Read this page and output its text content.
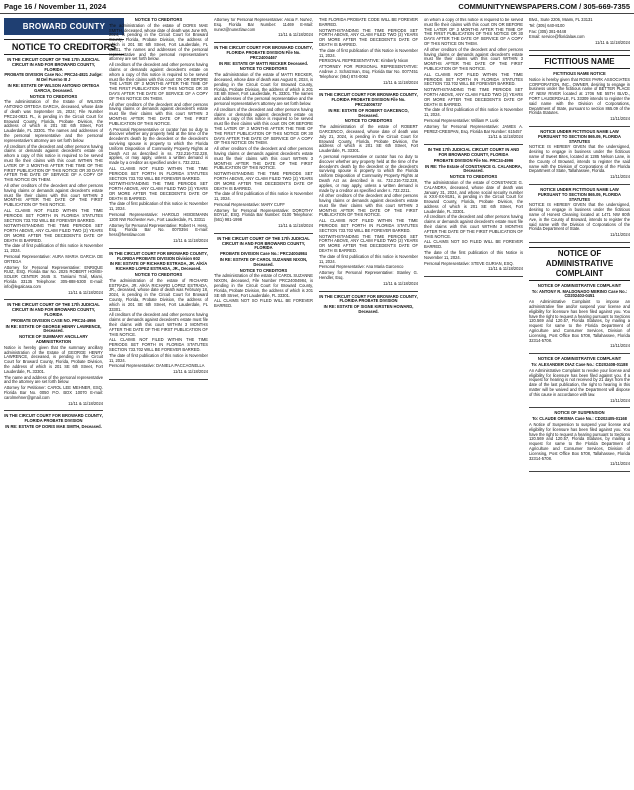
Page 16 / November 11, 2024	COMMUNITYNEWSPAPERS.COM / 305-669-7355
BROWARD COUNTY
NOTICE TO CREDITORS

IN THE CIRCUIT COURT OF THE 17th JUDICIAL CIRCUIT IN AND FOR BROWARD COUNTY, FLORIDA

PROBATE DIVISION Case No.: PRC24-4821 Judge: M Del Fuerno III J

IN RE: ESTATE OF WILSON ANTONIO ORTEGA GARCIA, Deceased.

NOTICE TO CREDITORS

The administration of the Estate of WILSON ANTONIO ORTEGA GARCIA, deceased, whose date of death was September 15, 2024; File Number PRC24-0821 FL, is pending in the Circuit Court for Broward County, Florida, Probate Division, the address of which is 201 SE 6th Street, Fort Lauderdale, FL 33301. The names and addresses of the personal representative and the personal representative's attorney are set forth below.

All creditors of the decedent and other persons having claims or demands against decedent's estate on whom a copy of this notice is required to be served must file their claims with this court WITHIN THE LATER OF 3 MONTHS AFTER THE TIME OF THE FIRST PUBLICATION OF THIS NOTICE OR 30 DAYS AFTER THE DATE OF SERVICE OF A COPY OF THIS NOTICE ON THEM.

All other creditors of the decedent and other persons having claims or demands against decedent's estate must file their claims with this court WITHIN 3 MONTHS AFTER THE DATE OF THE FIRST PUBLICATION OF THIS NOTICE.

ALL CLAIMS NOT FILED WITHIN THE TIME PERIODS SET FORTH IN FLORIDA STATUTES SECTION 733.702 WILL BE FOREVER BARRED.

NOTWITHSTANDING THE TIME PERIODS SET FORTH ABOVE, ANY CLAIM FILED TWO (2) YEARS OR MORE AFTER THE DECEDENT'S DATE OF DEATH IS BARRED.

The date of first publication of this notice is November 11, 2024.

Personal Representative: AURA MARIA GARCIA DE ORTEGA

Attorney for Personal Representative: ENRIQUE RUIZ, ESQ. Florida Bar No. 2025 ROBERT HOMSI-SOLER CENTER 2645 S. Tamiami Trail, Miami, Florida 33135 Telephone: 305-888-5300 E-mail: info@legalcasa.com

11/11 & 11/18/2024

IN THE CIRCUIT COURT OF THE 17th JUDICIAL CIRCUIT IN AND FOR BROWARD COUNTY, FLORIDA

PROBATE DIVISION CASE NO. PRC24-4956

IN RE: ESTATE OF GEORGE HENRY LAWRENCE, Deceased.

NOTICE OF SUMMARY ANCILLARY ADMINISTRATION

Notice is hereby given that the summary ancillary administration of the Estate of GEORGE HENRY LAWRENCE, deceased, is pending in the Circuit Court for Broward County, Florida, Probate Division, the address of which is 201 SE 6th Street, Fort Lauderdale, FL 33301.

The name and address of the personal representative and the attorney are set forth below.

Attorney for Petitioner: CAROL LEE MEHNER, ESQ. Florida Bar No. 0050 P.O. BOX 10070 E-mail: carolmehner@gmail.com

11/11 & 11/18/2024

IN THE CIRCUIT COURT FOR BROWARD COUNTY, FLORIDA PROBATE DIVISION

IN RE: ESTATE OF DORIS MAE SMITH, Deceased.

NOTICE TO CREDITORS

The administration of the estate of DORIS MAE SMITH, deceased, whose date of death was June 9th, 2024, is pending in the Circuit Court for Broward County, Florida, Probate Division, the address of which is 201 SE 6th Street, Fort Lauderdale, FL 33301. The names and addresses of the personal representative and the personal representative's attorney are set forth below.

All creditors of the decedent and other persons having claims or demands against decedent's estate on whom a copy of this notice is required to be served must file their claims with this court ON OR BEFORE THE LATER OF 3 MONTHS AFTER THE TIME OF THE FIRST PUBLICATION OF THIS NOTICE OR 30 DAYS AFTER THE DATE OF SERVICE OF A COPY OF THIS NOTICE ON THEM.

All other creditors of the decedent and other persons having claims or demands against decedent's estate must file their claims with this court WITHIN 3 MONTHS AFTER THE DATE OF THE FIRST PUBLICATION OF THIS NOTICE.

A Personal Representative or curator has no duty to discover whether any property held at the time of the decedent's death by the decedent or the decedent's surviving spouse is property to which the Florida Uniform Disposition of Community Property Rights at Death Act as described in ss. 732.216-732.228, applies, or may apply, unless a written demand is made by a creditor as specified under s. 732.2211.

ALL CLAIMS NOT FILED WITHIN THE TIME PERIODS SET FORTH IN FLORIDA STATUTES SECTION 733.702 WILL BE FOREVER BARRED.

NOTWITHSTANDING THE TIME PERIODS SET FORTH ABOVE, ANY CLAIM FILED TWO (2) YEARS OR MORE AFTER THE DECEDENT'S DATE OF DEATH IS BARRED.

The date of first publication of this notice is: November 11, 2024.

Personal Representative: HAROLD HEIDEMANN 1200 NW Rochester Ave., Fort Lauderdale, FL 33311

Attorney for Personal Representative: Robert H. Hess, Esq. Florida Bar No. 0070394 E-mail: hess@hesslaw.com

11/11 & 11/18/2024

IN THE CIRCUIT COURT FOR BROWARD COUNTY, FLORIDA PROBATE DIVISION Division 602

IN RE: ESTATE OF RICHARD ESTRADA, JR. A/K/A RICHARD LOPEZ ESTRADA, JR., Deceased.

NOTICE TO CREDITORS

The administration of the estate of RICHARD ESTRADA, JR. A/K/A RICHARD LOPEZ ESTRADA, JR., deceased, whose date of death was February 18, 2024, is pending in the Circuit Court for Broward County, Florida, Probate Division, the address of which is 201 SE 6th Street, Fort Lauderdale, FL 33301.

All creditors of the decedent and other persons having claims or demands against decedent's estate must file their claims with this court WITHIN 3 MONTHS AFTER THE DATE OF THE FIRST PUBLICATION OF THIS NOTICE.

ALL CLAIMS NOT FILED WITHIN THE TIME PERIODS SET FORTH IN FLORIDA STATUTES SECTION 733.702 WILL BE FOREVER BARRED.

The date of first publication of this notice is November 11, 2024.

Personal Representative: DANIELA PACCAGNELLA

11/11 & 11/18/2024

Attorney for Personal Representative: Alicia F. Nuñez, Esq. Florida Bar Number: 11469 E-Mail: nunez@nunezlaw.com

11/11 & 11/18/2024

IN THE CIRCUIT COURT FOR BROWARD COUNTY, FLORIDA PROBATE DIVISION File No. PRC24004467

IN RE: ESTATE OF MATTI RECKER Deceased.

NOTICE TO CREDITORS

The administration of the estate of MATTI RECKER, deceased, whose date of death was August 8, 2024, is pending in the Circuit Court for Broward County, Florida, Probate Division, the address of which is 201 SE 6th Street, Fort Lauderdale, FL 33301. The names and addresses of the personal representative and the personal representative's attorney are set forth below.

All creditors of the decedent and other persons having claims or demands against decedent's estate on whom a copy of this notice is required to be served must file their claims with this court ON OR BEFORE THE LATER OF 3 MONTHS AFTER THE TIME OF THE FIRST PUBLICATION OF THIS NOTICE OR 30 DAYS AFTER THE DATE OF SERVICE OF A COPY OF THIS NOTICE ON THEM.

All other creditors of the decedent and other persons having claims or demands against decedent's estate must file their claims with this court WITHIN 3 MONTHS AFTER THE DATE OF THE FIRST PUBLICATION OF THIS NOTICE.

NOTWITHSTANDING THE TIME PERIODS SET FORTH ABOVE, ANY CLAIM FILED TWO (2) YEARS OR MORE AFTER THE DECEDENT'S DATE OF DEATH IS BARRED.

The date of first publication of this notice is November 11, 2024.

Personal Representative: MARY CUFF

Attorney for Personal Representative: DOROTHY BOYLE, ESQ. Florida Bar Number: 0100 Telephone: (561) 981-1998

11/11 & 11/18/2024

IN THE CIRCUIT COURT OF THE 17th JUDICIAL CIRCUIT IN AND FOR BROWARD COUNTY, FLORIDA

PROBATE DIVISION Case No.: PRC24004984

IN RE: ESTATE OF CAROL SUZANNE NIXON, Deceased.

NOTICE TO CREDITORS

The administration of the estate of CAROL SUZANNE NIXON, deceased, File Number PRC24004984, is pending in the Circuit Court for Broward County, Florida, Probate Division, the address of which is 201 SE 6th Street, Fort Lauderdale, FL 33301.

ALL CLAIMS NOT SO FILED WILL BE FOREVER BARRED.

THE FLORIDA PROBATE CODE WILL BE FOREVER BARRED.

NOTWITHSTANDING THE TIME PERIODS SET FORTH ABOVE, ANY CLAIM FILED TWO (2) YEARS OR MORE AFTER THE DECEDENT'S DATE OF DEATH IS BARRED.

The date of first publication of this Notice is November 11, 2024.

PERSONAL REPRESENTATIVE: Kimberly Nixon

ATTORNEY FOR PERSONAL REPRESENTATIVE: Andrew J. Schatzman, Esq. Florida Bar No. 0077451 Telephone: (954) 874-0062

11/11 & 11/18/2024

IN THE CIRCUIT COURT FOR BROWARD COUNTY, FLORIDA PROBATE DIVISION File No. PRC24006737

IN RE: ESTATE OF ROBERT GARCENCO, Deceased.

NOTICE TO CREDITORS

The administration of the estate of ROBERT GARCENCO, deceased, whose date of death was July 21, 2024, is pending in the Circuit Court for Broward County, Florida, Probate Division, the address of which is 201 SE 6th Street, Fort Lauderdale, FL 33301.

A personal representative or curator has no duty to discover whether any property held at the time of the decedent's death by the decedent or the decedent's surviving spouse is property to which the Florida Uniform Disposition of Community Property Rights at Death Act as described in ss. 732.216-732.228, applies, or may apply, unless a written demand is made by a creditor as specified under s. 732.2211.

All other creditors of the decedent and other persons having claims or demands against decedent's estate must file their claims with this court WITHIN 3 MONTHS AFTER THE DATE OF THE FIRST PUBLICATION OF THIS NOTICE.

ALL CLAIMS NOT FILED WITHIN THE TIME PERIODS SET FORTH IN FLORIDA STATUTES SECTION 733.702 WILL BE FOREVER BARRED.

NOTWITHSTANDING THE TIME PERIODS SET FORTH ABOVE, ANY CLAIM FILED TWO (2) YEARS OR MORE AFTER THE DECEDENT'S DATE OF DEATH IS BARRED.

The date of first publication of this notice is November 11, 2024.

Personal Representative: Ana Maria Garcenco

Attorney for Personal Representative: Stanley G. Hendler, Esq.

11/11 & 11/18/2024

IN THE CIRCUIT COURT FOR BROWARD COUNTY, FLORIDA PROBATE DIVISION

IN RE: ESTATE OF SIGNE KIRSTEN HOWARD, Deceased.

on whom a copy of this notice is required to be served must file their claims with this court ON OR BEFORE THE LATER OF 3 MONTHS AFTER THE TIME OF THE FIRST PUBLICATION OF THIS NOTICE OR 30 DAYS AFTER THE DATE OF SERVICE OF A COPY OF THIS NOTICE ON THEM.

All other creditors of the decedent and other persons having claims or demands against decedent's estate must file their claims with this court WITHIN 3 MONTHS AFTER THE DATE OF THE FIRST PUBLICATION OF THIS NOTICE.

ALL CLAIMS NOT FILED WITHIN THE TIME PERIODS SET FORTH IN FLORIDA STATUTES SECTION 733.702 WILL BE FOREVER BARRED.

NOTWITHSTANDING THE TIME PERIODS SET FORTH ABOVE, ANY CLAIM FILED TWO (2) YEARS OR MORE AFTER THE DECEDENT'S DATE OF DEATH IS BARRED.

The date of first publication of this notice is November 11, 2024.

Personal Representative: William P. Lusk

Attorney for Personal Representative: JAMES A. PEREZ-CRESPAN, Esq. Florida Bar Number: 615457

11/11 & 11/18/2024

IN THE 17th JUDICIAL CIRCUIT COURT IN AND FOR BROWARD COUNTY, FLORIDA

PROBATE DIVISION File No. PRC24-4996

IN RE: The Estate of CONSTANCE G. CALANDRA, Deceased.

NOTICE TO CREDITORS

The administration of the estate of CONSTANCE G. CALANDRA, deceased, whose date of death was January 31, 2024, and whose social security number is XXX-XX-8191, is pending in the Circuit Court for Broward County, Florida, Probate Division, the address of which is 201 SE 6th Street, Fort Lauderdale, FL 33301.

All creditors of the decedent and other persons having claims or demands against decedent's estate must file their claims with this court WITHIN 3 MONTHS AFTER THE DATE OF THE FIRST PUBLICATION OF THIS NOTICE.

ALL CLAIMS NOT SO FILED WILL BE FOREVER BARRED.

The date of the first publication of this Notice is November 11, 2024.

Personal Representative: STEVE GURIAN, ESQ.

11/11 & 11/18/2024

Blvd., Suite 2206, Miami, FL 33131

Tel: (305) 640-8100

Fax: (305) 381-8448

Email: service@floridalaw.com

11/11 & 11/18/2024

FICTITIOUS NAME

FICTITIOUS NAME NOTICE

Notice is hereby given that ROSS PARK ASSOCIATES CORPORATION, INC., OWNER, desiring to engage in business under the fictitious name of BETTER PLACE AT NEW RIVER located at 1706 NE 55TH BLVD., FORT LAUDERDALE, FL 33309 intends to register the said name with the Division of Corporations, Department of State, pursuant to section 865.09 of the Florida Statutes.

11/11/2024

NOTICE UNDER FICTITIOUS NAME LAW PURSUANT TO SECTION 865.09, FLORIDA STATUTES

NOTICE IS HEREBY GIVEN that the undersigned, desiring to engage in business under the fictitious name of Sweet Bites, located at 1285 Nelson Lane, in the County of Broward, intends to register the said name with the Division of Corporations of the Florida Department of State, Tallahassee, Florida.

11/11/2024

NOTICE UNDER FICTITIOUS NAME LAW PURSUANT TO SECTION 865.09, FLORIDA STATUTES

NOTICE IS HEREBY GIVEN that the undersigned, desiring to engage in business under the fictitious name of Honest Cleaning located at 1471 NW 80th Ave, in the County of Broward, intends to register the said name with the Division of Corporations of the Florida Department of State.

11/11/2024

NOTICE OF ADMINISTRATIVE COMPLAINT

NOTICE OF ADMINISTRATIVE COMPLAINT

To: ANTONY R. MALDONADO MERINO Case No.: CD202403-0451

An Administrative Complaint to impose an administrative fine and/or suspend your license and eligibility for licensure has been filed against you. You have the right to request a hearing pursuant to Sections 120.569 and 120.57, Florida Statutes, by mailing a request for same to the Florida Department of Agriculture and Consumer Services, Division of Licensing, Post Office Box 5708, Tallahassee, Florida 32314-5708.

11/11/2024

NOTICE OF ADMINISTRATIVE COMPLAINT

To: ALEXANDER DIAZ Case No.: CD202408-01188

An Administrative Complaint to revoke your license and eligibility for licensure has been filed against you. If a request for hearing is not received by 21 days from the date of the last publication, the right to hearing in this matter will be waived and the Department will dispose of this cause in accordance with law.

11/11/2024

NOTICE OF SUSPENSION

To: CLAUDE ORISMA Case No.: CD202405-01168

A Notice of Suspension to suspend your license and eligibility for licensure has been filed against you. You have the right to request a hearing pursuant to Sections 120.569 and 120.57, Florida Statutes, by mailing a request for same to the Florida Department of Agriculture and Consumer Services, Division of Licensing, Post Office Box 5708, Tallahassee, Florida 32314-5708.

11/11/2024
